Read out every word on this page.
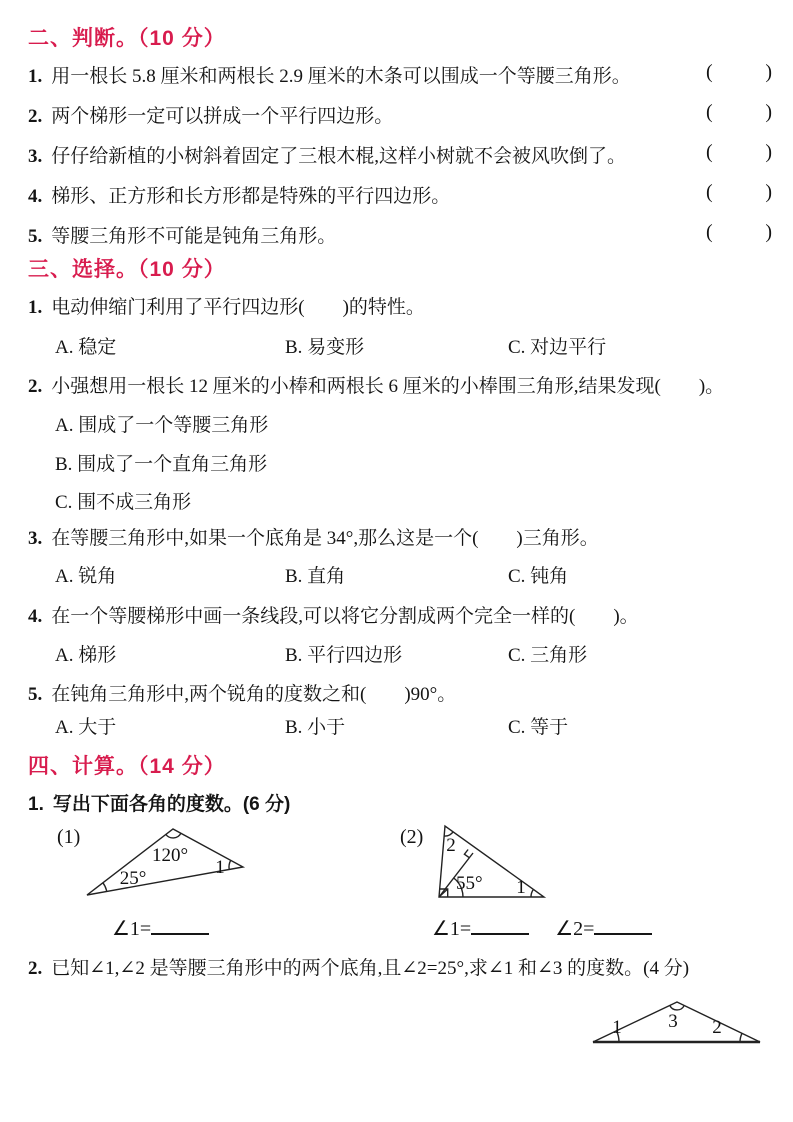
二、判断。（10 分）
1. 用一根长 5.8 厘米和两根长 2.9 厘米的木条可以围成一个等腰三角形。	(	)
2. 两个梯形一定可以拼成一个平行四边形。	(	)
3. 仔仔给新植的小树斜着固定了三根木棍,这样小树就不会被风吹倒了。	(	)
4. 梯形、正方形和长方形都是特殊的平行四边形。	(	)
5. 等腰三角形不可能是钝角三角形。	(	)
三、选择。（10 分）
1. 电动伸缩门利用了平行四边形(　　)的特性。
A. 稳定	B. 易变形	C. 对边平行
2. 小强想用一根长 12 厘米的小棒和两根长 6 厘米的小棒围三角形,结果发现(　　)。
A. 围成了一个等腰三角形
B. 围成了一个直角三角形
C. 围不成三角形
3. 在等腰三角形中,如果一个底角是 34°,那么这是一个(　　)三角形。
A. 锐角	B. 直角	C. 钝角
4. 在一个等腰梯形中画一条线段,可以将它分割成两个完全一样的(　　)。
A. 梯形	B. 平行四边形	C. 三角形
5. 在钝角三角形中,两个锐角的度数之和(　　)90°。
A. 大于	B. 小于	C. 等于
四、计算。（14 分）
1. 写出下面各角的度数。(6 分)
(1)
120°
25°
1
(2) 2
55° 1
∠1=	∠1=	∠2=
2. 已知∠1,∠2 是等腰三角形中的两个底角,且∠2=25°,求∠1 和∠3 的度数。(4 分)
1 3 2
